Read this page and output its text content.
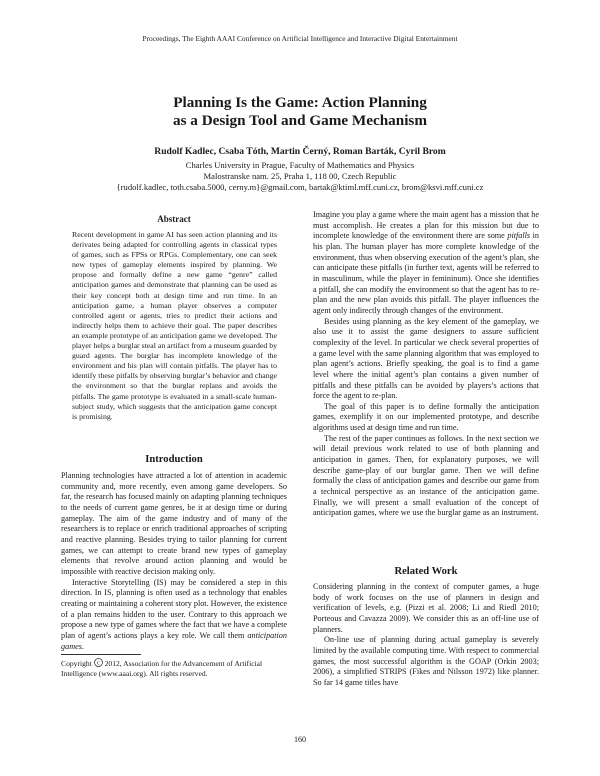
Proceedings, The Eighth AAAI Conference on Artificial Intelligence and Interactive Digital Entertainment
Planning Is the Game: Action Planning
as a Design Tool and Game Mechanism
Rudolf Kadlec, Csaba Tóth, Martin Černý, Roman Barták, Cyril Brom
Charles University in Prague, Faculty of Mathematics and Physics
Malostranske nam. 25, Praha 1, 118 00, Czech Republic
{rudolf.kadlec, toth.csaba.5000, cerny.m}@gmail.com, bartak@ktiml.mff.cuni.cz, brom@ksvi.mff.cuni.cz
Abstract
Recent development in game AI has seen action planning and its derivates being adapted for controlling agents in classical types of games, such as FPSs or RPGs. Complementary, one can seek new types of gameplay elements inspired by planning. We propose and formally define a new game “genre” called anticipation games and demonstrate that planning can be used as their key concept both at design time and run time. In an anticipation game, a human player observes a computer controlled agent or agents, tries to predict their actions and indirectly helps them to achieve their goal. The paper describes an example prototype of an anticipation game we developed. The player helps a burglar steal an artifact from a museum guarded by guard agents. The burglar has incomplete knowledge of the environment and his plan will contain pitfalls. The player has to identify these pitfalls by observing burglar’s behavior and change the environment so that the burglar replans and avoids the pitfalls. The game prototype is evaluated in a small-scale human-subject study, which suggests that the anticipation game concept is promising.
Introduction

Planning technologies have attracted a lot of attention in academic community and, more recently, even among game developers. So far, the research has focused mainly on adapting planning techniques to the needs of current game genres, be it at design time or during gameplay. The aim of the game industry and of many of the researchers is to replace or enrich traditional approaches of scripting and reactive planning. Besides trying to tailor planning for current games, we can attempt to create brand new types of gameplay elements that revolve around action planning and would be impossible with reactive decision making only.

Interactive Storytelling (IS) may be considered a step in this direction. In IS, planning is often used as a technology that enables creating or maintaining a coherent story plot. However, the existence of a plan remains hidden to the user. Contrary to this approach we propose a new type of games where the fact that we have a complete plan of agent’s actions plays a key role. We call them anticipation games.

Copyright c 2012, Association for the Advancement of Artificial Intelligence (www.aaai.org). All rights reserved.

Imagine you play a game where the main agent has a mission that he must accomplish. He creates a plan for this mission but due to incomplete knowledge of the environment there are some pitfalls in his plan. The human player has more complete knowledge of the environment, thus when observing execution of the agent’s plan, she can anticipate these pitfalls (in further text, agents will be referred to in masculinum, while the player in femininum). Once she identifies a pitfall, she can modify the environment so that the agent has to re-plan and the new plan avoids this pitfall. The player influences the agent only indirectly through changes of the environment.

Besides using planning as the key element of the gameplay, we also use it to assist the game designers to assure sufficient complexity of the level. In particular we check several properties of a game level with the same planning algorithm that was employed to plan agent’s actions. Briefly speaking, the goal is to find a game level where the initial agent’s plan contains a given number of pitfalls and these pitfalls can be avoided by players’s actions that force the agent to re-plan.

The goal of this paper is to define formally the anticipation games, exemplify it on our implemented prototype, and describe algorithms used at design time and run time.

The rest of the paper continues as follows. In the next section we will detail previous work related to use of both planning and anticipation in games. Then, for explanatory purposes, we will describe game-play of our burglar game. Then we will define formally the class of anticipation games and describe our game from a technical perspective as an instance of the anticipation game. Finally, we will present a small evaluation of the concept of anticipation games, where we use the burglar game as an instrument.

Related Work

Considering planning in the context of computer games, a huge body of work focuses on the use of planners in design and verification of levels, e.g. (Pizzi et al. 2008; Li and Riedl 2010; Porteous and Cavazza 2009). We consider this as an off-line use of planners.

On-line use of planning during actual gameplay is severely limited by the available computing time. With respect to commercial games, the most successful algorithm is the GOAP (Orkin 2003; 2006), a simplified STRIPS (Fikes and Nilsson 1972) like planner. So far 14 game titles have

160
